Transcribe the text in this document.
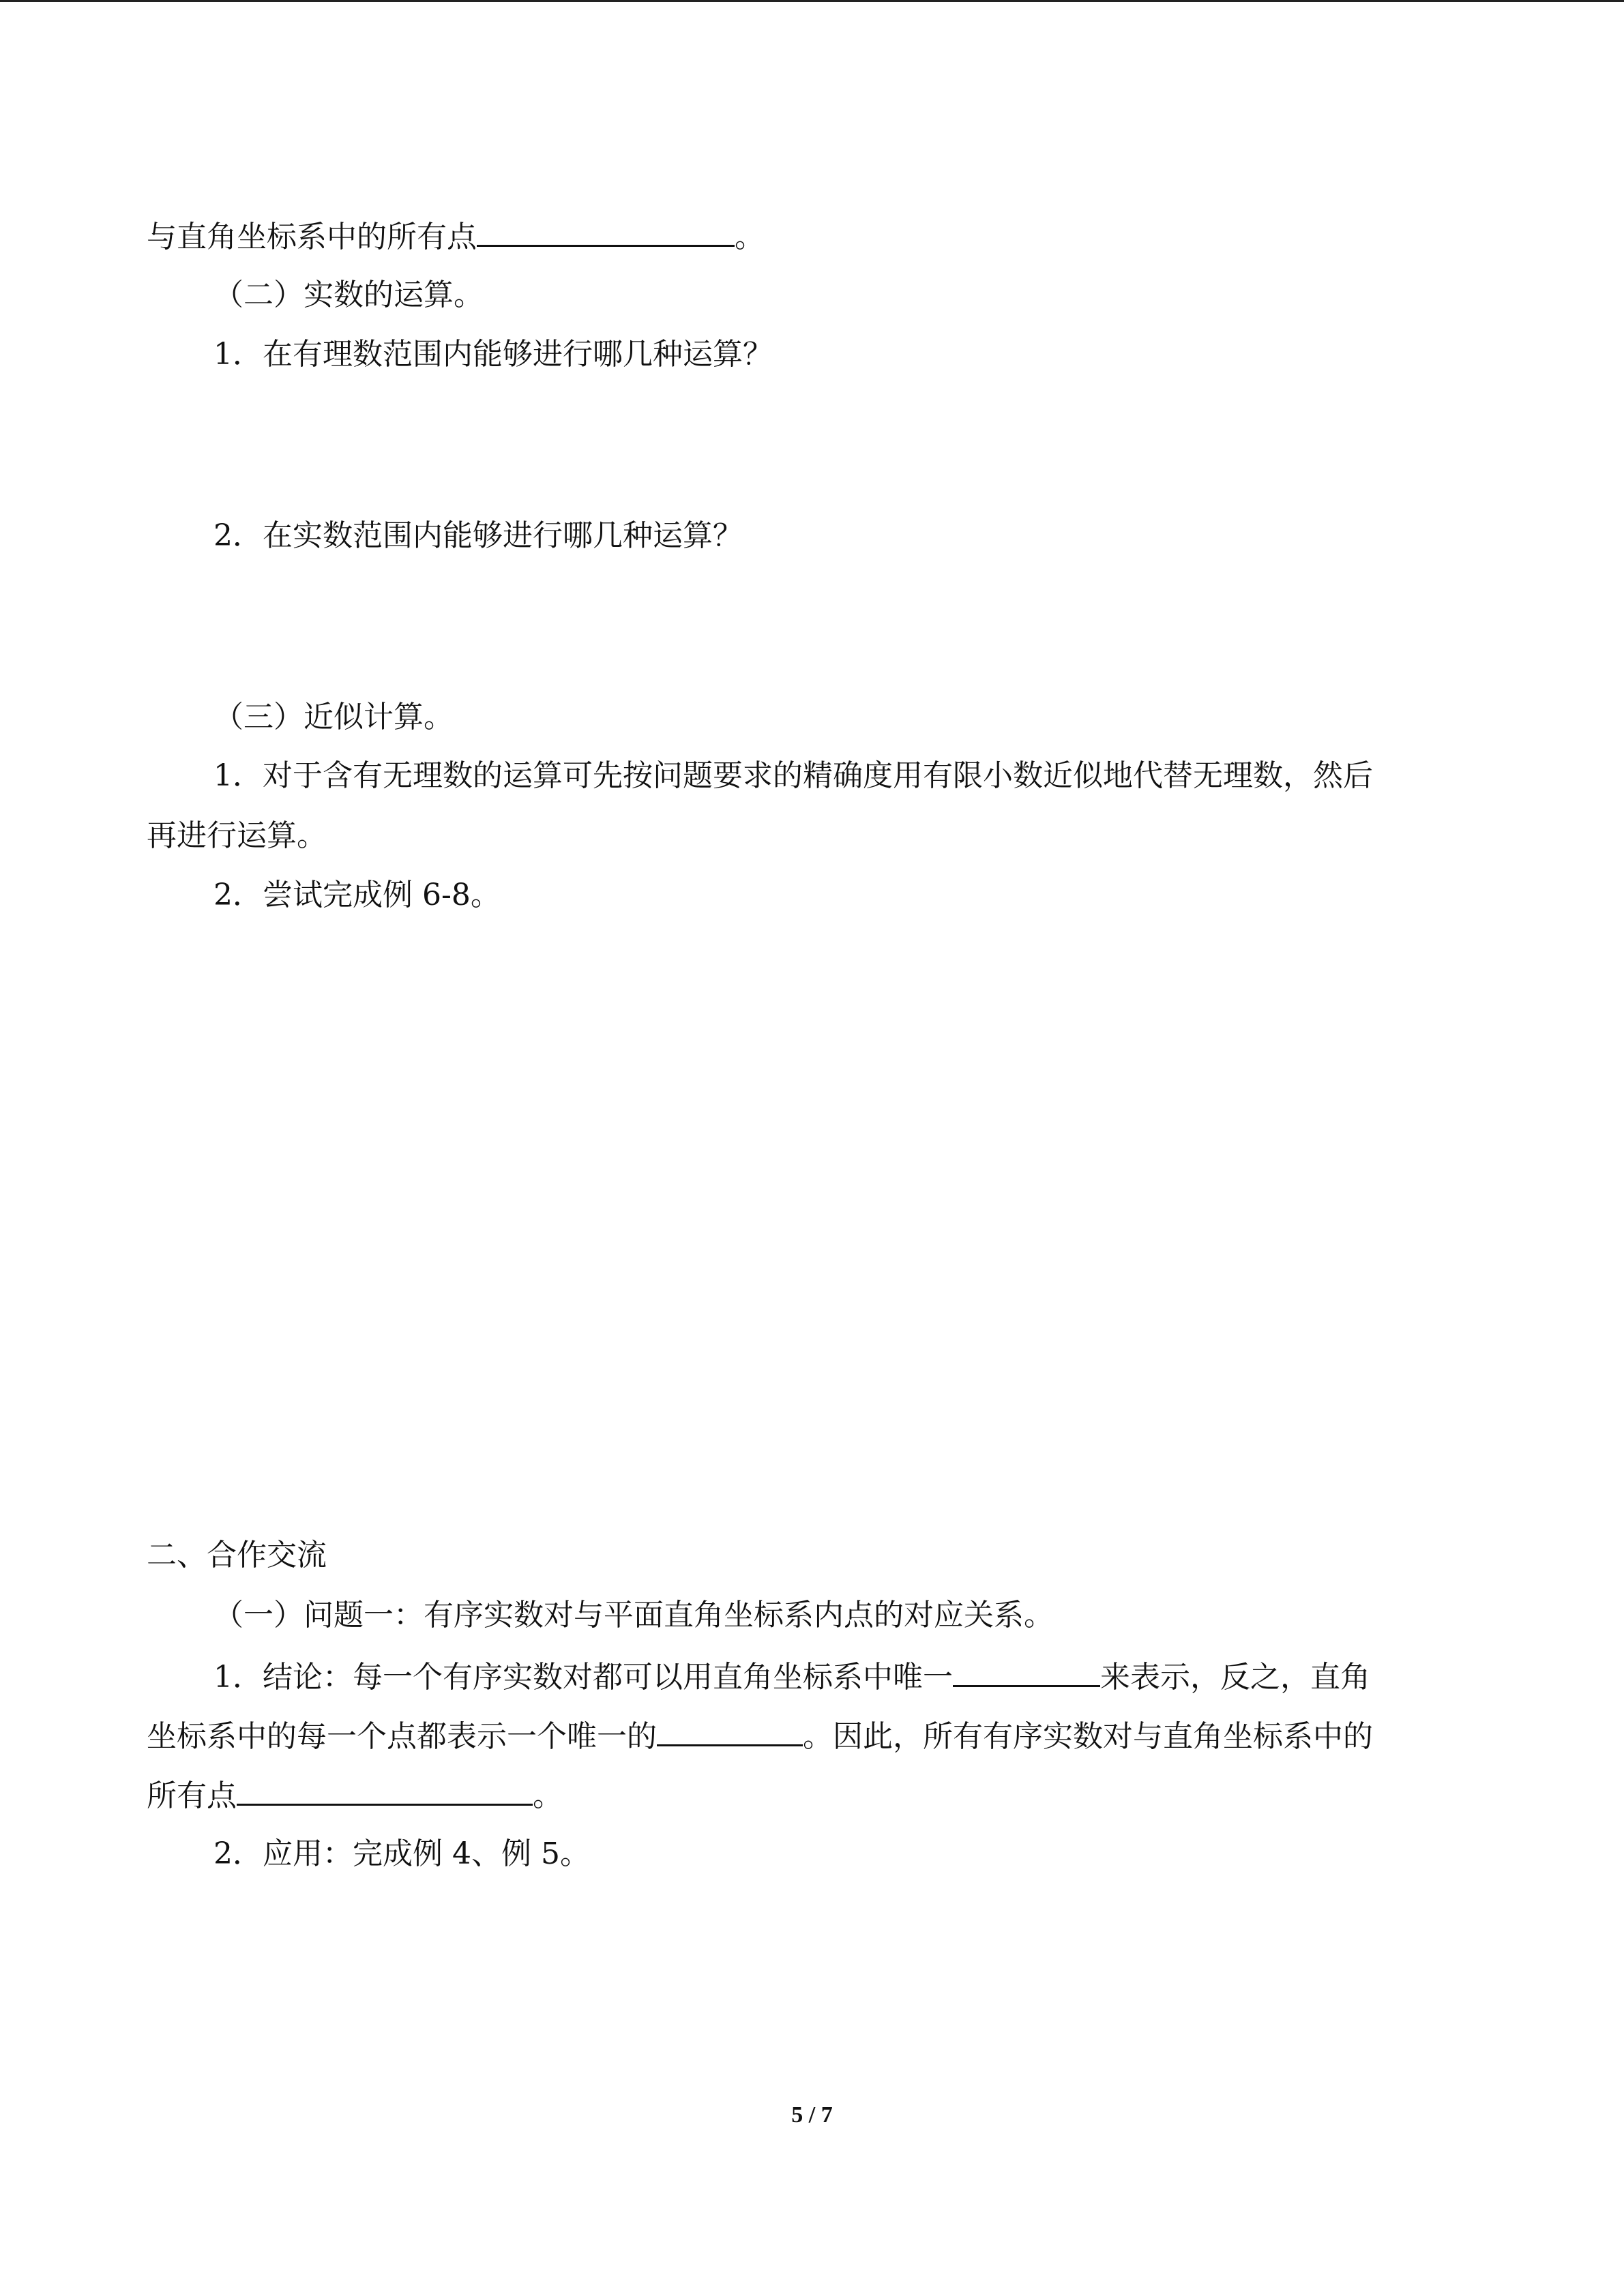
与直角坐标系中的所有点	。
（二）实数的运算。
1．在有理数范围内能够进行哪几种运算？
2．在实数范围内能够进行哪几种运算？
（三）近似计算。
1．对于含有无理数的运算可先按问题要求的精确度用有限小数近似地代替无理数，然后
再进行运算。
2．尝试完成例 6-8。
二、合作交流
（一）问题一：有序实数对与平面直角坐标系内点的对应关系。
1．结论：每一个有序实数对都可以用直角坐标系中唯一	来表示，反之，直角
坐标系中的每一个点都表示一个唯一的	。因此，所有有序实数对与直角坐标系中的
所有点	。
2．应用：完成例 4、例 5。
5 / 7
